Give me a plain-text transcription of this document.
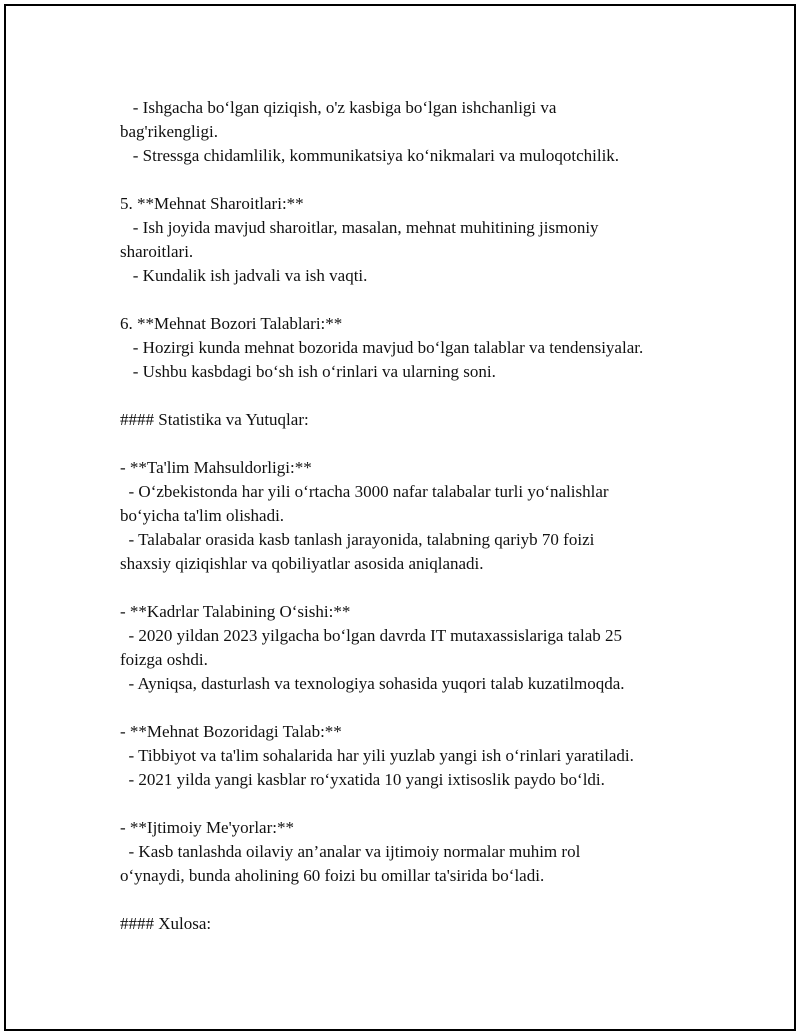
- Ishgacha bo‘lgan qiziqish, o'z kasbiga bo‘lgan ishchanligi va
bag'rikengligi.
- Stressga chidamlilik, kommunikatsiya ko‘nikmalari va muloqotchilik.
5. **Mehnat Sharoitlari:**
- Ish joyida mavjud sharoitlar, masalan, mehnat muhitining jismoniy
sharoitlari.
- Kundalik ish jadvali va ish vaqti.
6. **Mehnat Bozori Talablari:**
- Hozirgi kunda mehnat bozorida mavjud bo‘lgan talablar va tendensiyalar.
- Ushbu kasbdagi bo‘sh ish o‘rinlari va ularning soni.
#### Statistika va Yutuqlar:
- **Ta'lim Mahsuldorligi:**
- O‘zbekistonda har yili o‘rtacha 3000 nafar talabalar turli yo‘nalishlar
bo‘yicha ta'lim olishadi.
- Talabalar orasida kasb tanlash jarayonida, talabning qariyb 70 foizi
shaxsiy qiziqishlar va qobiliyatlar asosida aniqlanadi.
- **Kadrlar Talabining O‘sishi:**
- 2020 yildan 2023 yilgacha bo‘lgan davrda IT mutaxassislariga talab 25
foizga oshdi.
- Ayniqsa, dasturlash va texnologiya sohasida yuqori talab kuzatilmoqda.
- **Mehnat Bozoridagi Talab:**
- Tibbiyot va ta'lim sohalarida har yili yuzlab yangi ish o‘rinlari yaratiladi.
- 2021 yilda yangi kasblar ro‘yxatida 10 yangi ixtisoslik paydo bo‘ldi.
- **Ijtimoiy Me'yorlar:**
- Kasb tanlashda oilaviy an’analar va ijtimoiy normalar muhim rol
o‘ynaydi, bunda aholining 60 foizi bu omillar ta'sirida bo‘ladi.
#### Xulosa:
